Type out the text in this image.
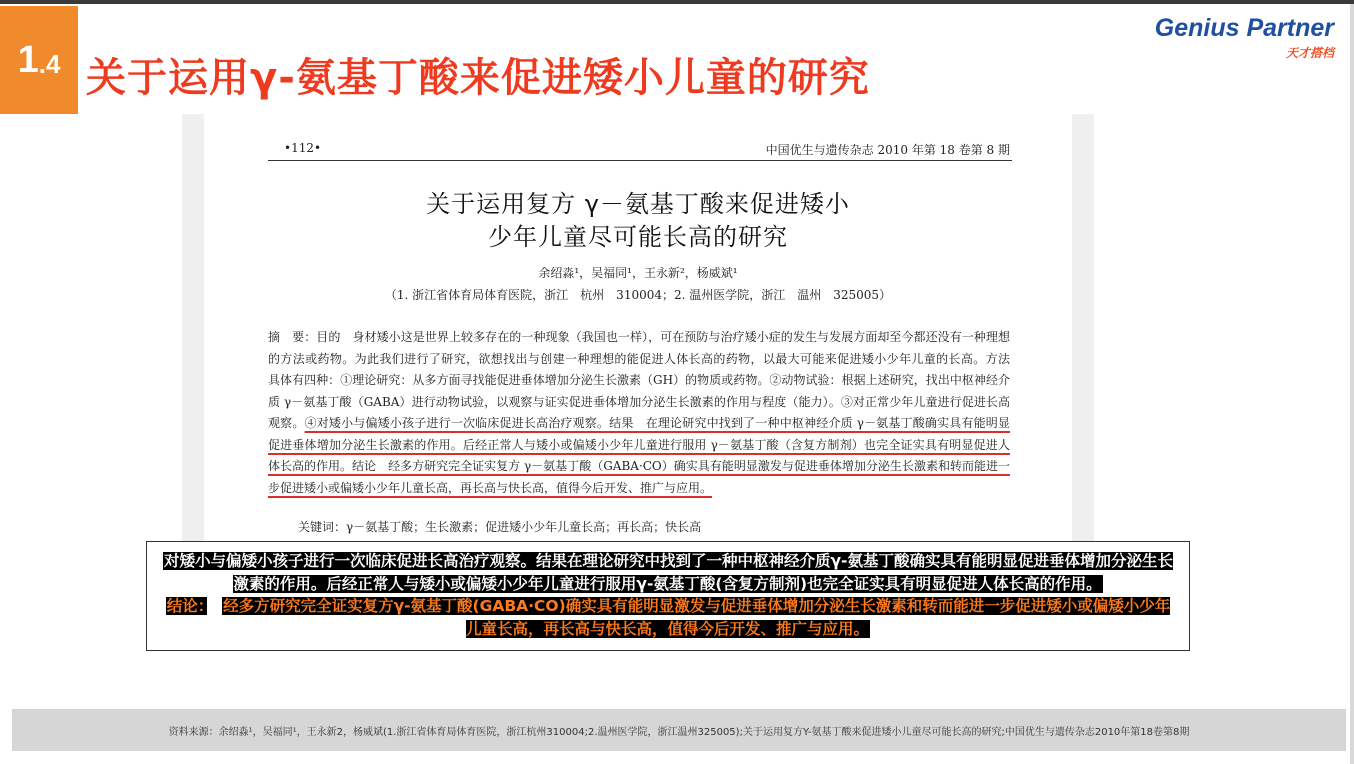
1 .4 关于运用γ-氨基丁酸来促进矮小儿童的研究
Genius Partner
天才搭档
•112•	中国优生与遗传杂志 2010 年第 18 卷第 8 期
关于运用复方 γ－氨基丁酸来促进矮小
少年儿童尽可能长高的研究
余绍淼¹，吴福同¹，王永新²，杨威斌¹
（1. 浙江省体育局体育医院，浙江　杭州　310004；2. 温州医学院，浙江　温州　325005）
摘　要：目的　身材矮小这是世界上较多存在的一种现象（我国也一样），可在预防与治疗矮小症的发生与发展方面却至今都还没有一种理想的方法或药物。为此我们进行了研究，欲想找出与创建一种理想的能促进人体长高的药物，以最大可能来促进矮小少年儿童的长高。方法　具体有四种：①理论研究：从多方面寻找能促进垂体增加分泌生长激素（GH）的物质或药物。②动物试验：根据上述研究，找出中枢神经介质 γ－氨基丁酸（GABA）进行动物试验，以观察与证实促进垂体增加分泌生长激素的作用与程度（能力）。③对正常少年儿童进行促进长高观察。④对矮小与偏矮小孩子进行一次临床促进长高治疗观察。结果　在理论研究中找到了一种中枢神经介质 γ－氨基丁酸确实具有能明显促进垂体增加分泌生长激素的作用。后经正常人与矮小或偏矮小少年儿童进行服用 γ－氨基丁酸（含复方制剂）也完全证实具有明显促进人体长高的作用。结论　经多方研究完全证实复方 γ－氨基丁酸（GABA·CO）确实具有能明显激发与促进垂体增加分泌生长激素和转而能进一步促进矮小或偏矮小少年儿童长高，再长高与快长高，值得今后开发、推广与应用。
关键词：γ－氨基丁酸；生长激素；促进矮小少年儿童长高；再长高；快长高
对矮小与偏矮小孩子进行一次临床促进长高治疗观察。结果在理论研究中找到了一种中枢神经介质γ-氨基丁酸确实具有能明显促进垂体增加分泌生长激素的作用。后经正常人与矮小或偏矮小少年儿童进行服用γ-氨基丁酸(含复方制剂)也完全证实具有明显促进人体长高的作用。
结论：　 经多方研究完全证实复方γ-氨基丁酸(GABA·CO)确实具有能明显激发与促进垂体增加分泌生长激素和转而能进一步促进矮小或偏矮小少年儿童长高，再长高与快长高，值得今后开发、推广与应用。
资料来源：余绍淼¹，吴福同¹，王永新2，杨威斌(1.浙江省体育局体育医院，浙江杭州310004;2.温州医学院，浙江温州325005);关于运用复方Y-氨基丁酸来促进矮小儿童尽可能长高的研究;中国优生与遗传杂志2010年第18卷第8期
